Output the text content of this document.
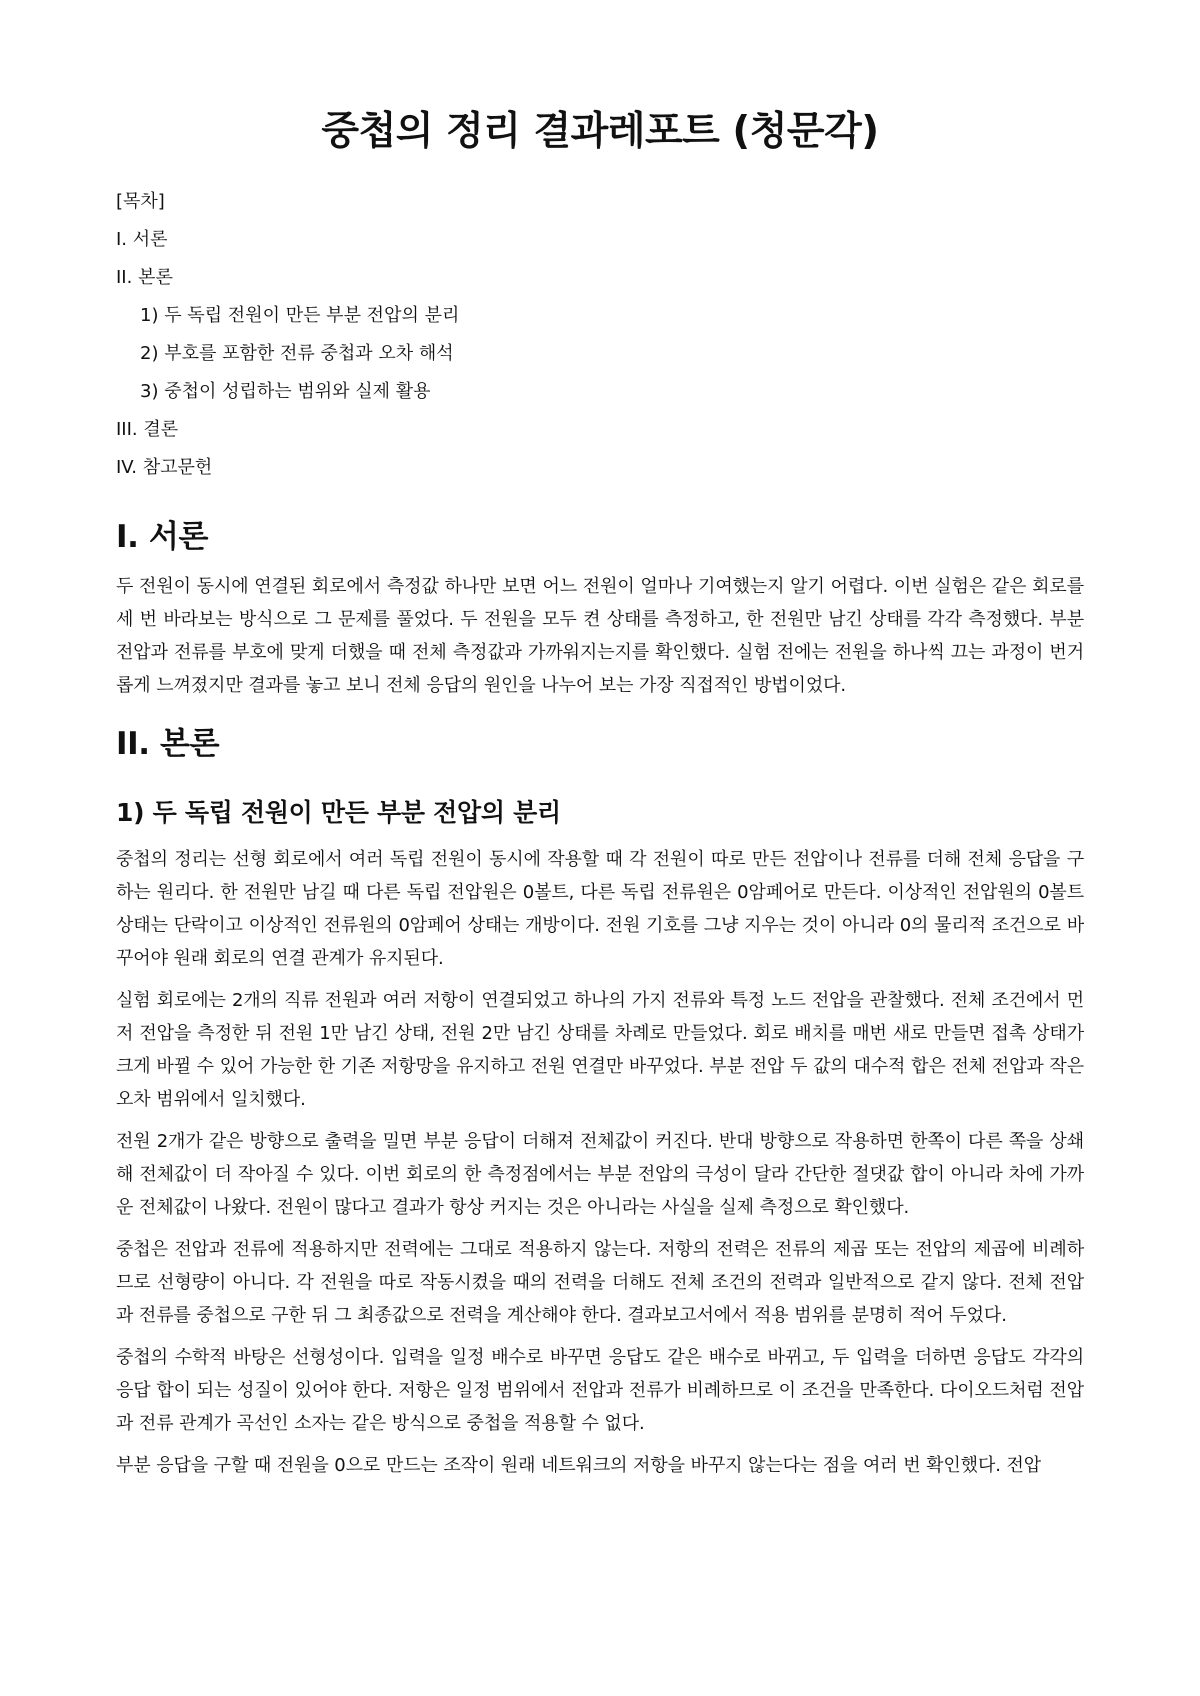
중첩의 정리 결과레포트 (청문각)
[목차]
I. 서론
II. 본론
1) 두 독립 전원이 만든 부분 전압의 분리
2) 부호를 포함한 전류 중첩과 오차 해석
3) 중첩이 성립하는 범위와 실제 활용
III. 결론
IV. 참고문헌
I. 서론

두 전원이 동시에 연결된 회로에서 측정값 하나만 보면 어느 전원이 얼마나 기여했는지 알기 어렵다. 이번 실험은 같은 회로를 세 번 바라보는 방식으로 그 문제를 풀었다. 두 전원을 모두 켠 상태를 측정하고, 한 전원만 남긴 상태를 각각 측정했다. 부분 전압과 전류를 부호에 맞게 더했을 때 전체 측정값과 가까워지는지를 확인했다. 실험 전에는 전원을 하나씩 끄는 과정이 번거롭게 느껴졌지만 결과를 놓고 보니 전체 응답의 원인을 나누어 보는 가장 직접적인 방법이었다.

II. 본론
1) 두 독립 전원이 만든 부분 전압의 분리

중첩의 정리는 선형 회로에서 여러 독립 전원이 동시에 작용할 때 각 전원이 따로 만든 전압이나 전류를 더해 전체 응답을 구하는 원리다. 한 전원만 남길 때 다른 독립 전압원은 0볼트, 다른 독립 전류원은 0암페어로 만든다. 이상적인 전압원의 0볼트 상태는 단락이고 이상적인 전류원의 0암페어 상태는 개방이다. 전원 기호를 그냥 지우는 것이 아니라 0의 물리적 조건으로 바꾸어야 원래 회로의 연결 관계가 유지된다.

실험 회로에는 2개의 직류 전원과 여러 저항이 연결되었고 하나의 가지 전류와 특정 노드 전압을 관찰했다. 전체 조건에서 먼저 전압을 측정한 뒤 전원 1만 남긴 상태, 전원 2만 남긴 상태를 차례로 만들었다. 회로 배치를 매번 새로 만들면 접촉 상태가 크게 바뀔 수 있어 가능한 한 기존 저항망을 유지하고 전원 연결만 바꾸었다. 부분 전압 두 값의 대수적 합은 전체 전압과 작은 오차 범위에서 일치했다.

전원 2개가 같은 방향으로 출력을 밀면 부분 응답이 더해져 전체값이 커진다. 반대 방향으로 작용하면 한쪽이 다른 쪽을 상쇄해 전체값이 더 작아질 수 있다. 이번 회로의 한 측정점에서는 부분 전압의 극성이 달라 간단한 절댓값 합이 아니라 차에 가까운 전체값이 나왔다. 전원이 많다고 결과가 항상 커지는 것은 아니라는 사실을 실제 측정으로 확인했다.

중첩은 전압과 전류에 적용하지만 전력에는 그대로 적용하지 않는다. 저항의 전력은 전류의 제곱 또는 전압의 제곱에 비례하므로 선형량이 아니다. 각 전원을 따로 작동시켰을 때의 전력을 더해도 전체 조건의 전력과 일반적으로 같지 않다. 전체 전압과 전류를 중첩으로 구한 뒤 그 최종값으로 전력을 계산해야 한다. 결과보고서에서 적용 범위를 분명히 적어 두었다.

중첩의 수학적 바탕은 선형성이다. 입력을 일정 배수로 바꾸면 응답도 같은 배수로 바뀌고, 두 입력을 더하면 응답도 각각의 응답 합이 되는 성질이 있어야 한다. 저항은 일정 범위에서 전압과 전류가 비례하므로 이 조건을 만족한다. 다이오드처럼 전압과 전류 관계가 곡선인 소자는 같은 방식으로 중첩을 적용할 수 없다.

부분 응답을 구할 때 전원을 0으로 만드는 조작이 원래 네트워크의 저항을 바꾸지 않는다는 점을 여러 번 확인했다. 전압
